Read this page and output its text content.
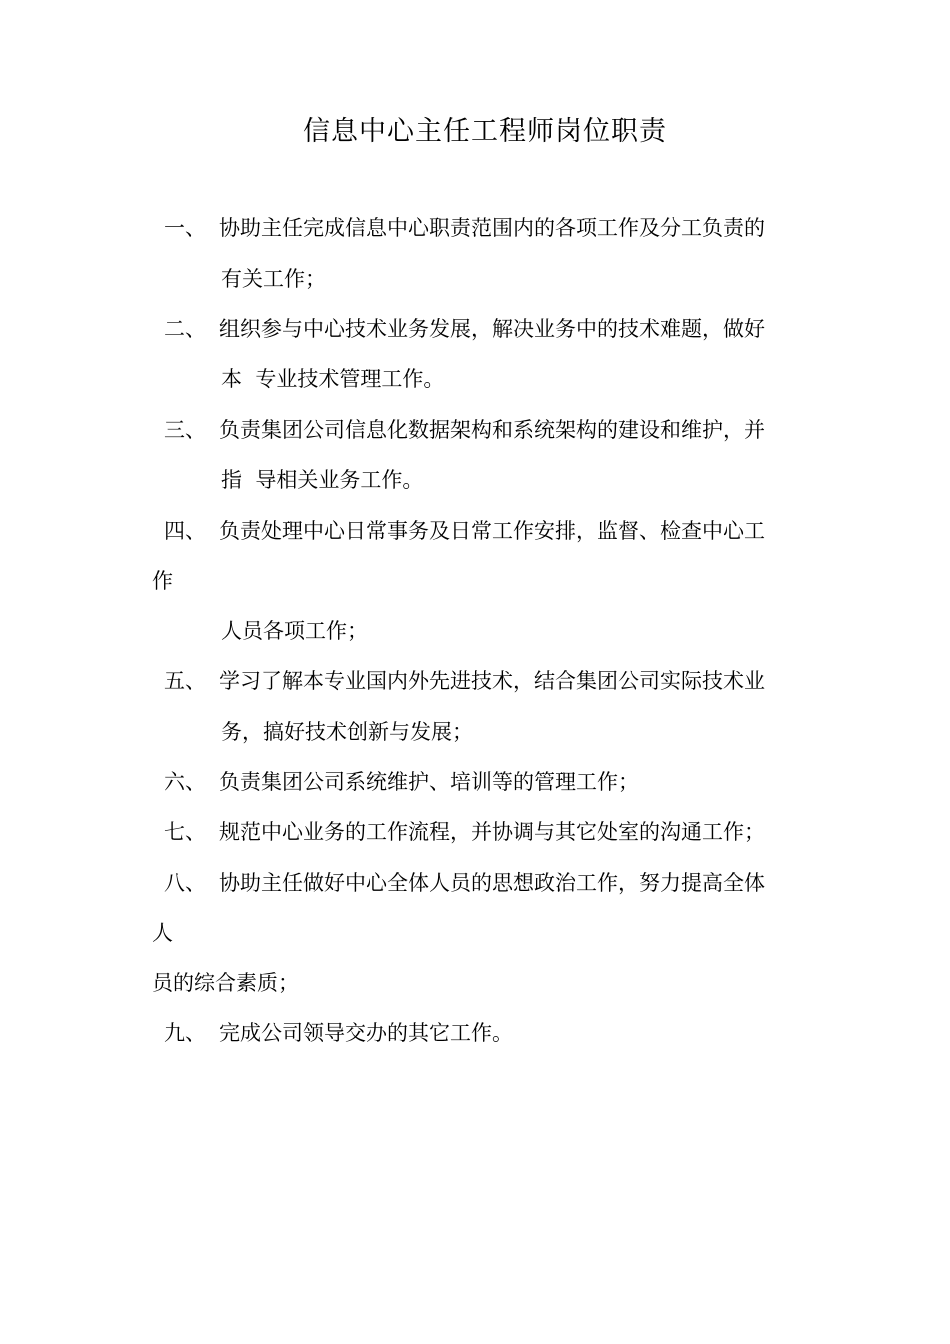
信息中心主任工程师岗位职责
一、 协助主任完成信息中心职责范围内的各项工作及分工负责的
有关工作；
二、 组织参与中心技术业务发展，解决业务中的技术难题，做好
本  专业技术管理工作。
三、 负责集团公司信息化数据架构和系统架构的建设和维护，并
指  导相关业务工作。
四、 负责处理中心日常事务及日常工作安排，监督、检查中心工
作
人员各项工作；
五、 学习了解本专业国内外先进技术，结合集团公司实际技术业
务，搞好技术创新与发展；
六、 负责集团公司系统维护、培训等的管理工作；
七、 规范中心业务的工作流程，并协调与其它处室的沟通工作；
八、 协助主任做好中心全体人员的思想政治工作，努力提高全体
人
员的综合素质；
九、 完成公司领导交办的其它工作。
